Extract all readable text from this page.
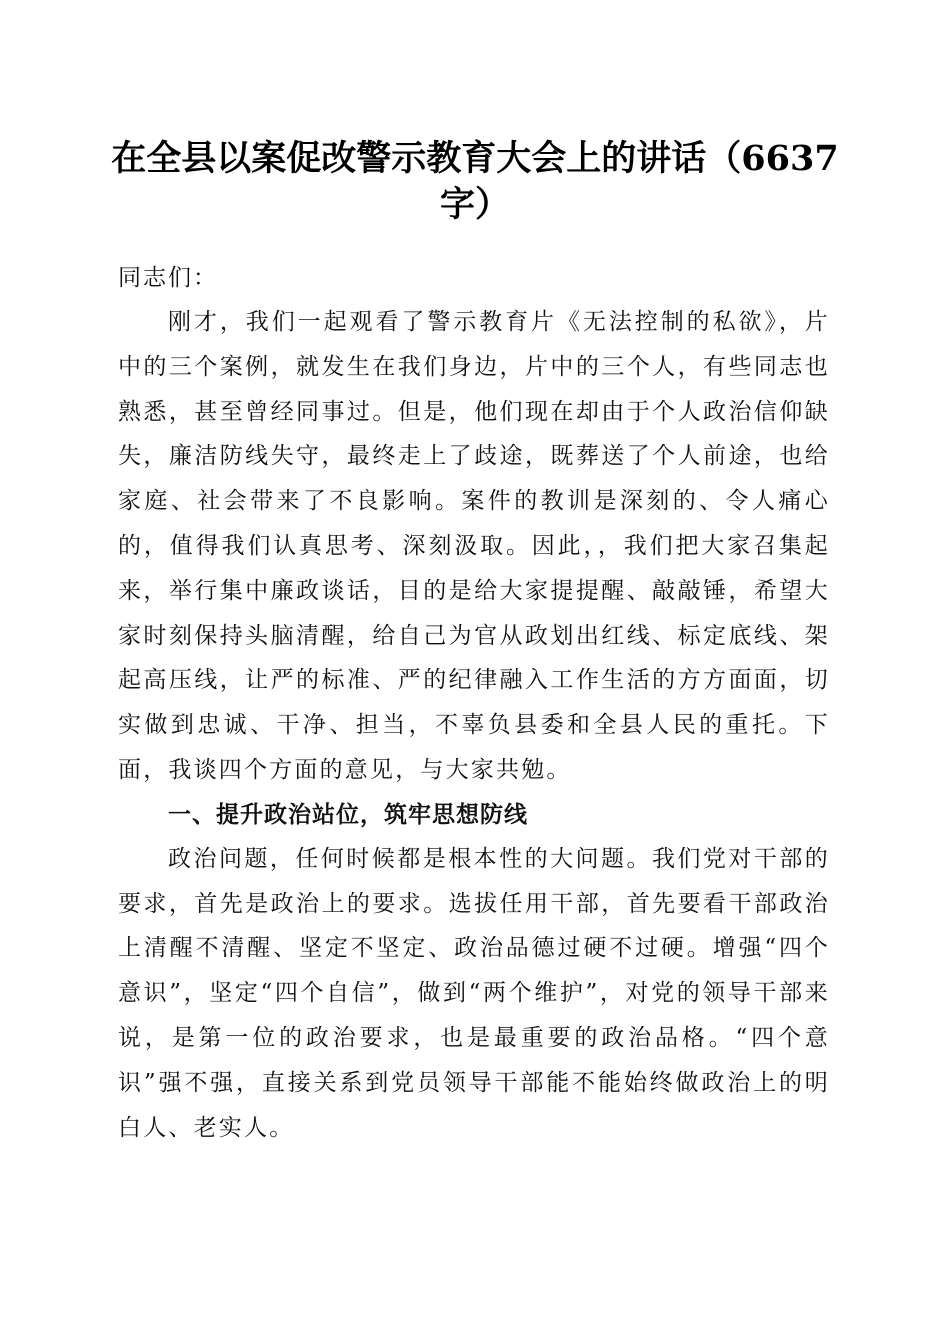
在全县以案促改警示教育大会上的讲话（6637字）

同志们：

刚才，我们一起观看了警示教育片《无法控制的私欲》，片中的三个案例，就发生在我们身边，片中的三个人，有些同志也熟悉，甚至曾经同事过。但是，他们现在却由于个人政治信仰缺失，廉洁防线失守，最终走上了歧途，既葬送了个人前途，也给家庭、社会带来了不良影响。案件的教训是深刻的、令人痛心的，值得我们认真思考、深刻汲取。因此，，我们把大家召集起来，举行集中廉政谈话，目的是给大家提提醒、敲敲锤，希望大家时刻保持头脑清醒，给自己为官从政划出红线、标定底线、架起高压线，让严的标准、严的纪律融入工作生活的方方面面，切实做到忠诚、干净、担当，不辜负县委和全县人民的重托。下面，我谈四个方面的意见，与大家共勉。

一、提升政治站位，筑牢思想防线

政治问题，任何时候都是根本性的大问题。我们党对干部的要求，首先是政治上的要求。选拔任用干部，首先要看干部政治上清醒不清醒、坚定不坚定、政治品德过硬不过硬。增强“四个意识”，坚定“四个自信”，做到“两个维护”，对党的领导干部来说，是第一位的政治要求，也是最重要的政治品格。“四个意识”强不强，直接关系到党员领导干部能不能始终做政治上的明白人、老实人。
